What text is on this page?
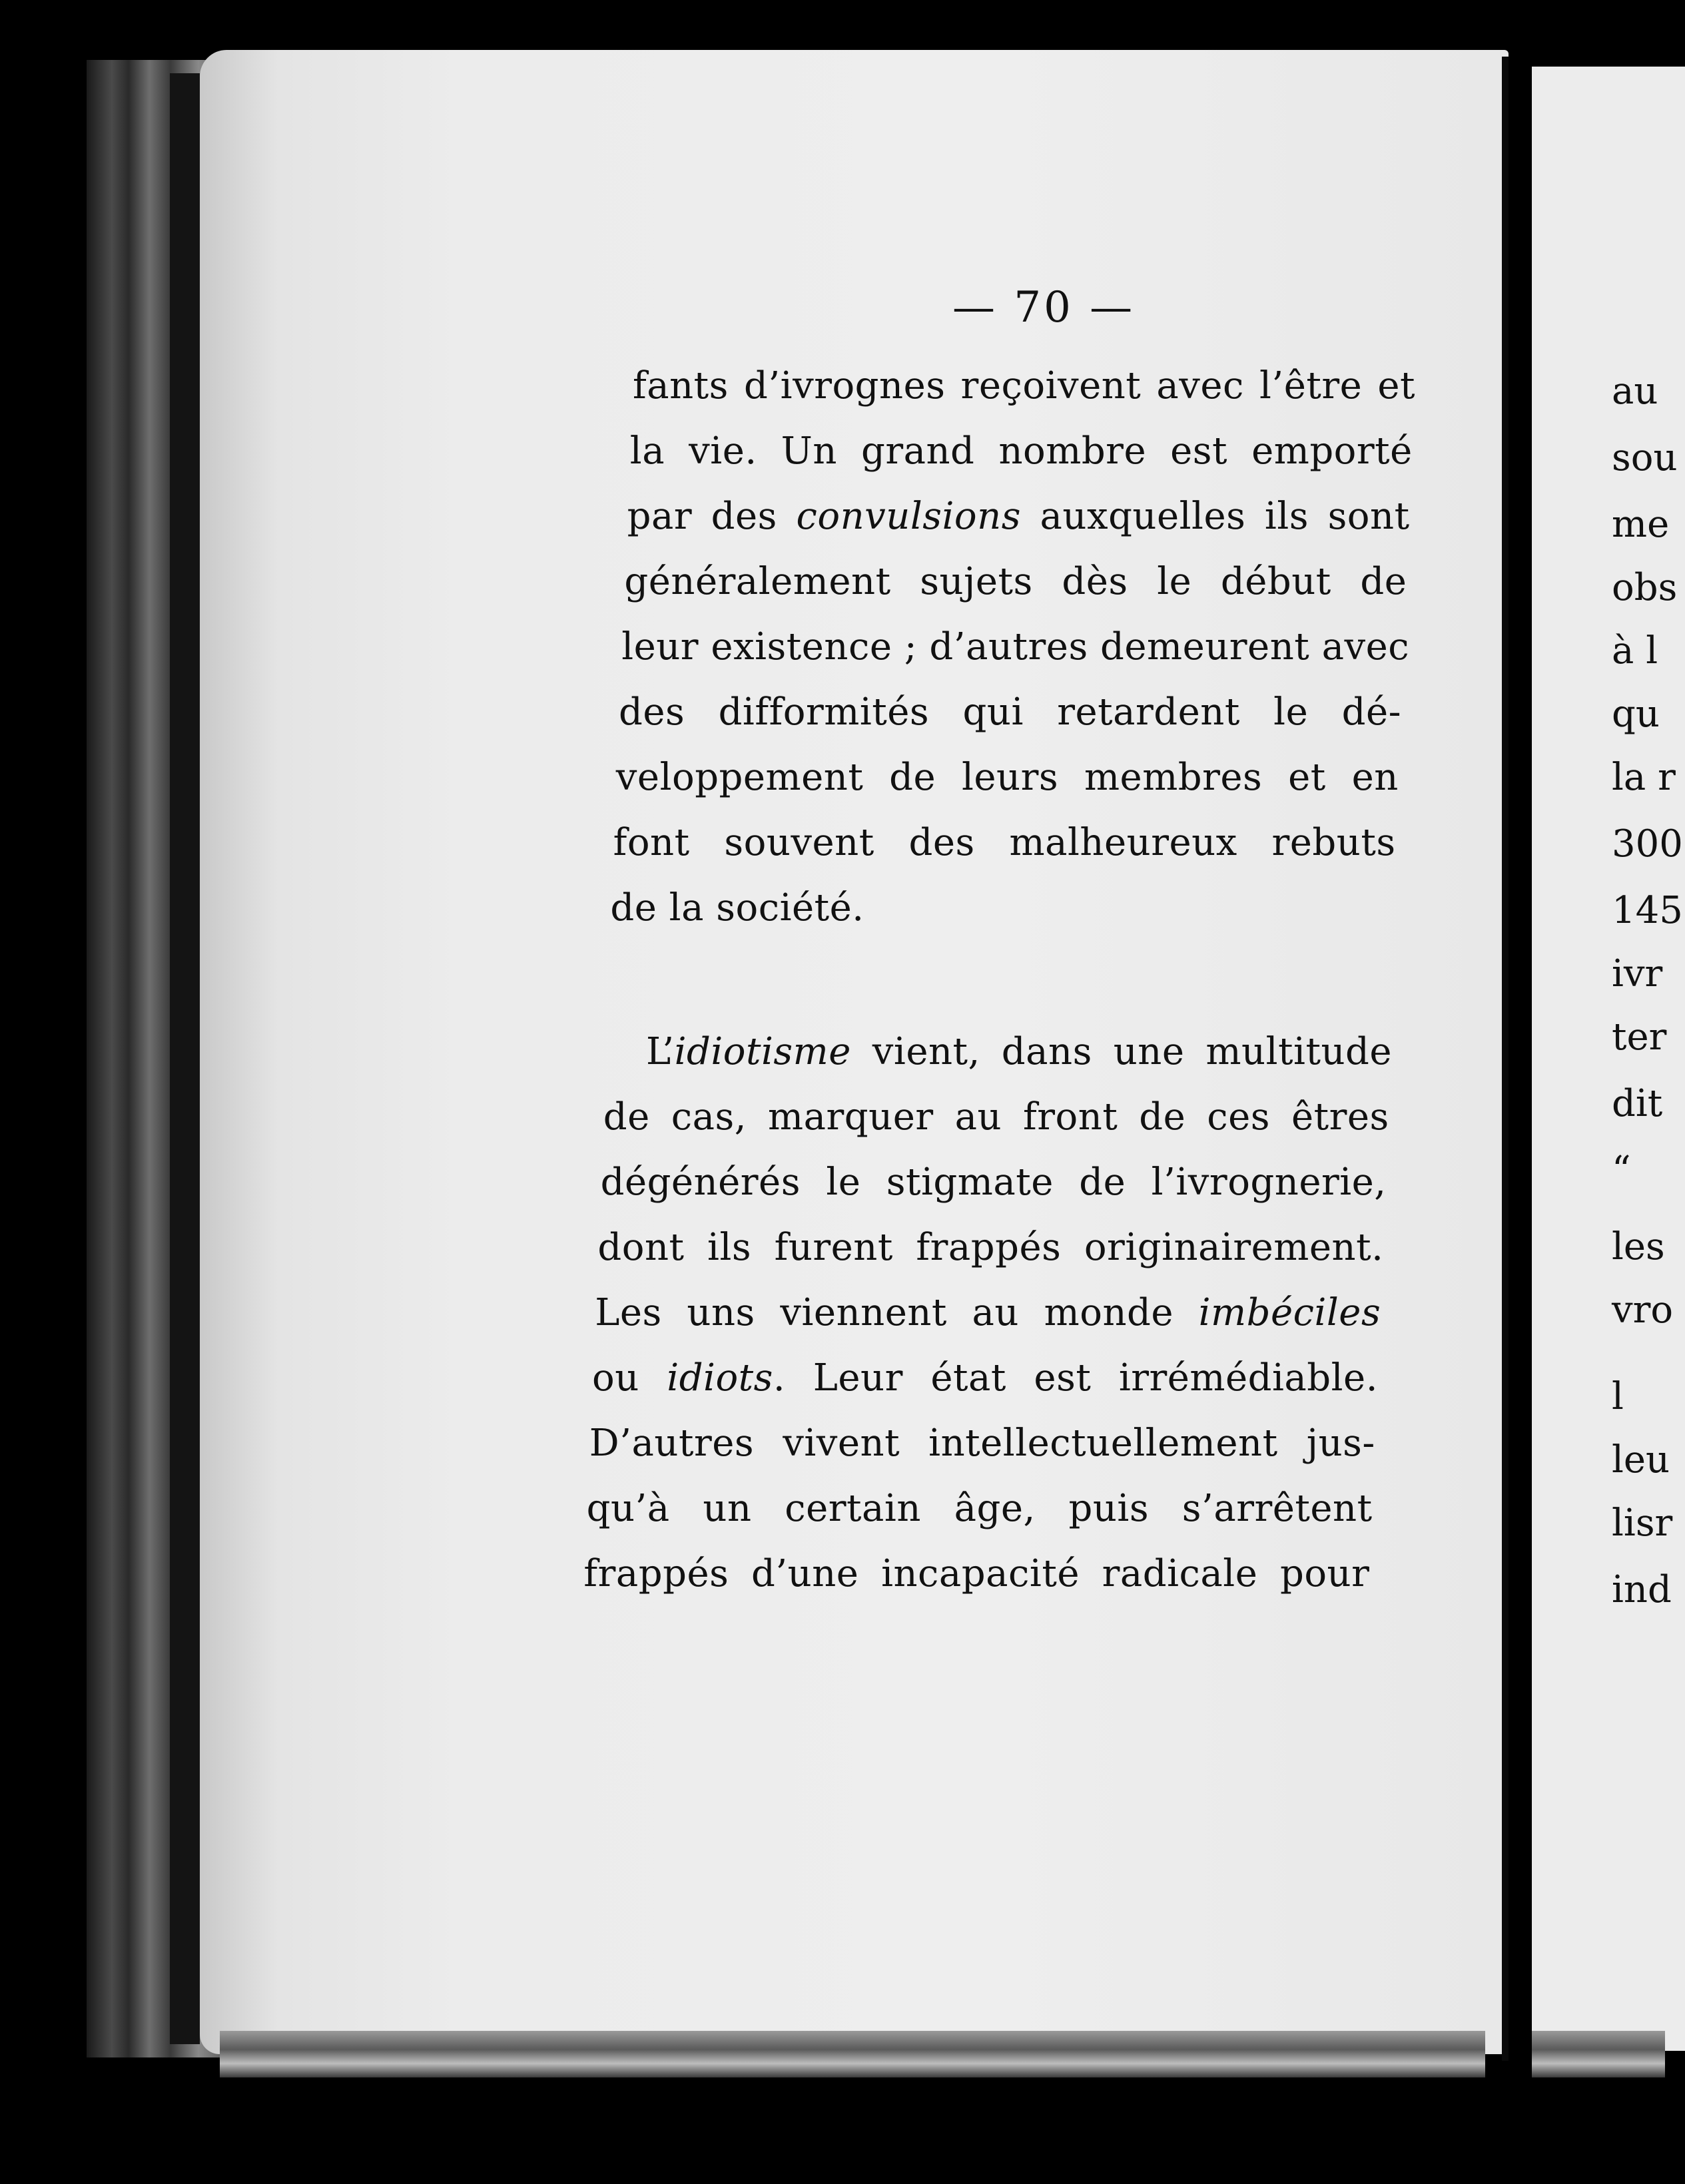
— 70 —
fants d’ivrognes reçoivent avec l’être et
la vie. Un grand nombre est emporté
par des convulsions auxquelles ils sont
généralement sujets dès le début de
leur existence ; d’autres demeurent avec
des difformités qui retardent le dé-
veloppement de leurs membres et en
font souvent des malheureux rebuts
de la société.
L’idiotisme vient, dans une multitude
de cas, marquer au front de ces êtres
dégénérés le stigmate de l’ivrognerie,
dont ils furent frappés originairement.
Les uns viennent au monde imbéciles
ou idiots. Leur état est irrémédiable.
D’autres vivent intellectuellement jus-
qu’à un certain âge, puis s’arrêtent
frappés d’une incapacité radicale pour
au
sou
me
obs
à l
qu
la r
300
145
ivr
ter
dit
“
les
vro
l
leu
lisr
ind
